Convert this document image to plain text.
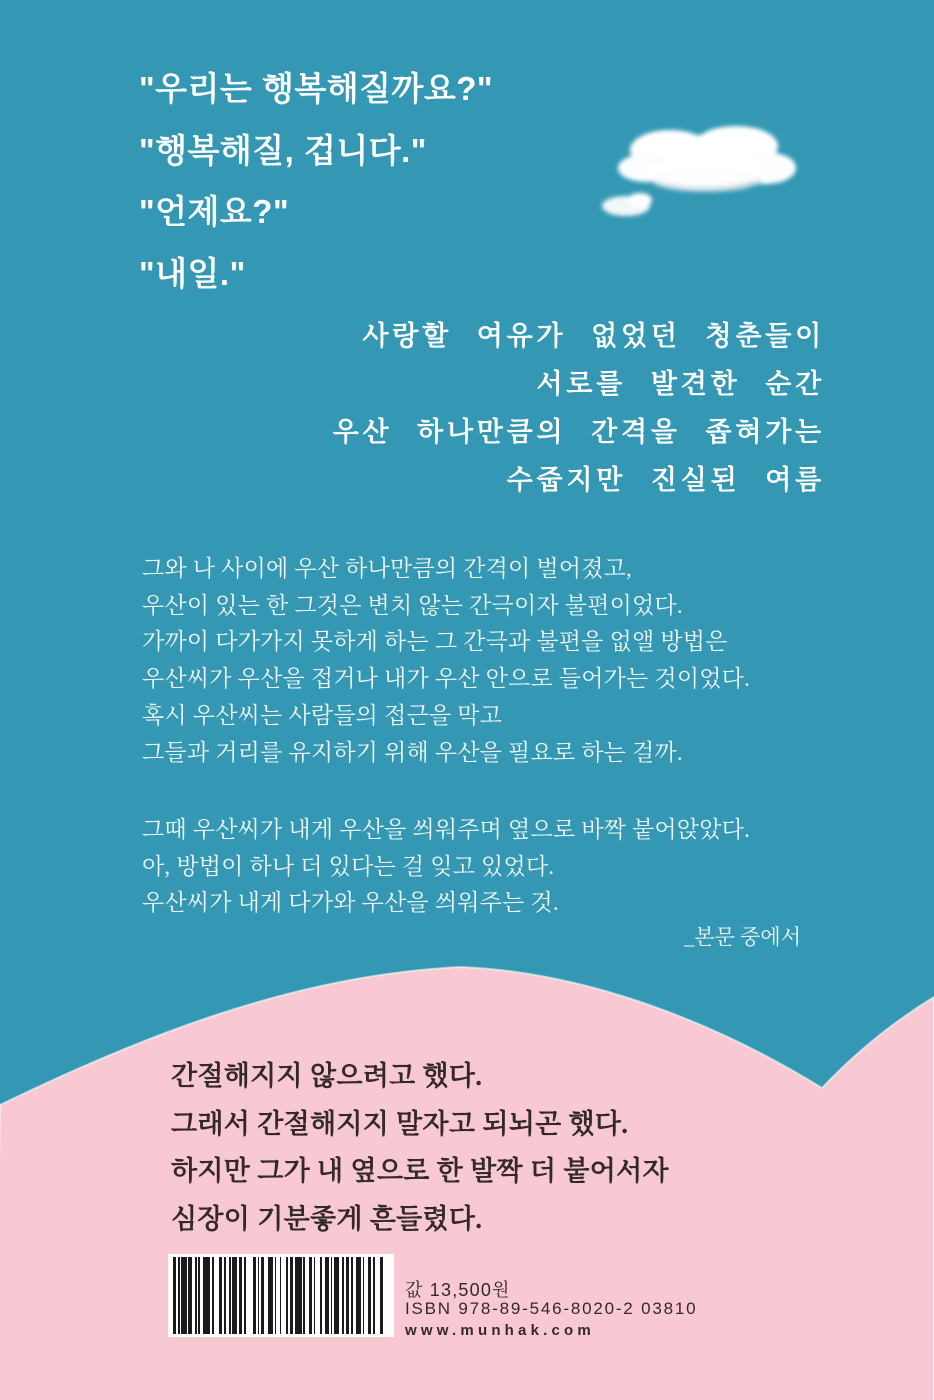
"우리는 행복해질까요?"
"행복해질, 겁니다."
"언제요?"
"내일."
사랑할 여유가 없었던 청춘들이
서로를 발견한 순간
우산 하나만큼의 간격을 좁혀가는
수줍지만 진실된 여름
그와 나 사이에 우산 하나만큼의 간격이 벌어졌고,
우산이 있는 한 그것은 변치 않는 간극이자 불편이었다.
가까이 다가가지 못하게 하는 그 간극과 불편을 없앨 방법은
우산씨가 우산을 접거나 내가 우산 안으로 들어가는 것이었다.
혹시 우산씨는 사람들의 접근을 막고
그들과 거리를 유지하기 위해 우산을 필요로 하는 걸까.
그때 우산씨가 내게 우산을 씌워주며 옆으로 바짝 붙어앉았다.
아, 방법이 하나 더 있다는 걸 잊고 있었다.
우산씨가 내게 다가와 우산을 씌워주는 것.
_본문 중에서
간절해지지 않으려고 했다.
그래서 간절해지지 말자고 되뇌곤 했다.
하지만 그가 내 옆으로 한 발짝 더 붙어서자
심장이 기분좋게 흔들렸다.
값 13,500원
ISBN 978-89-546-8020-2 03810
www.munhak.com
